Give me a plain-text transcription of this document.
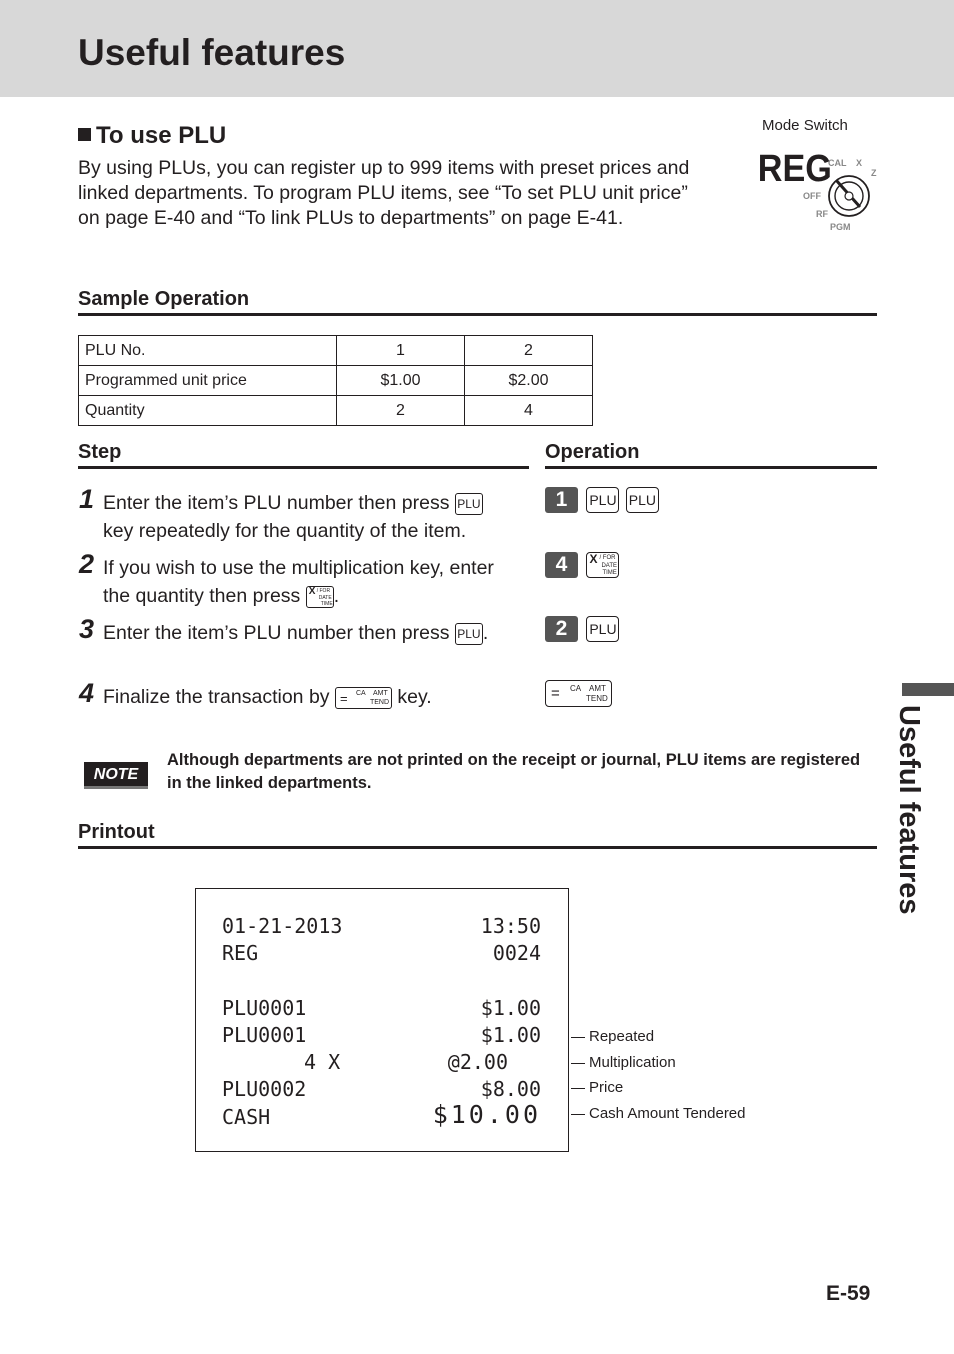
Useful features
To use PLU

By using PLUs, you can register up to 999 items with preset prices and linked departments. To program PLU items, see “To set PLU unit price” on page E-40 and “To link PLUs to departments” on page E-41.

Mode Switch
REG
CAL X
Z
OFF
RF
PGM
Sample Operation
PLU No.	1	2
Programmed unit price	$1.00	$2.00
Quantity	2	4
Step	Operation
1 Enter the item’s PLU number then press PLU
key repeatedly for the quantity of the item.
2 If you wish to use the multiplication key, enter
the quantity then press X / FOR
DATE
TIME .
3 Enter the item’s PLU number then press PLU .
4 Finalize the transaction by = CA AMT
TEND key.
1 PLU PLU
4 X / FOR
DATE
TIME
2 PLU
= CA AMT
TEND
NOTE
Although departments are not printed on the receipt or journal, PLU items are registered in the linked departments.
Printout
01-21-2013	13:50
REG	0024
PLU0001	$1.00
PLU0001	$1.00
4 X	@2.00
PLU0002	$8.00
CASH	$10.00
Repeated
Multiplication
Price
Cash Amount Tendered
Useful features
E-59
